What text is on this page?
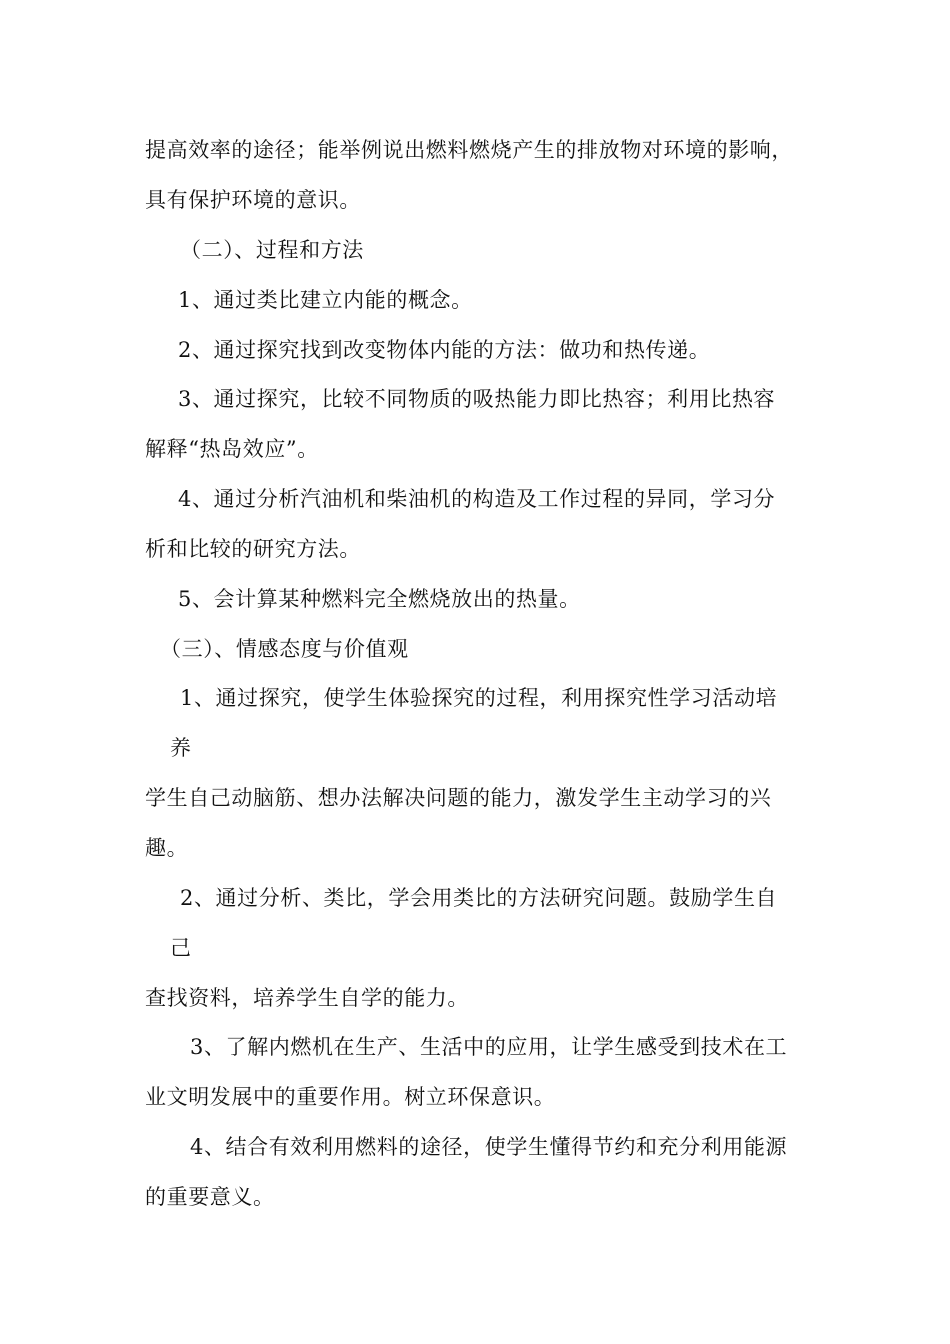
提高效率的途径；能举例说出燃料燃烧产生的排放物对环境的影响，
具有保护环境的意识。
（二）、过程和方法
1、通过类比建立内能的概念。
2、通过探究找到改变物体内能的方法：做功和热传递。
3、通过探究，比较不同物质的吸热能力即比热容；利用比热容
解释“热岛效应”。
4、通过分析汽油机和柴油机的构造及工作过程的异同，学习分
析和比较的研究方法。
5、会计算某种燃料完全燃烧放出的热量。
（三）、情感态度与价值观
1、通过探究，使学生体验探究的过程，利用探究性学习活动培
养
学生自己动脑筋、想办法解决问题的能力，激发学生主动学习的兴
趣。
2、通过分析、类比，学会用类比的方法研究问题。鼓励学生自
己
查找资料，培养学生自学的能力。
3、了解内燃机在生产、生活中的应用，让学生感受到技术在工
业文明发展中的重要作用。树立环保意识。
4、结合有效利用燃料的途径，使学生懂得节约和充分利用能源
的重要意义。
